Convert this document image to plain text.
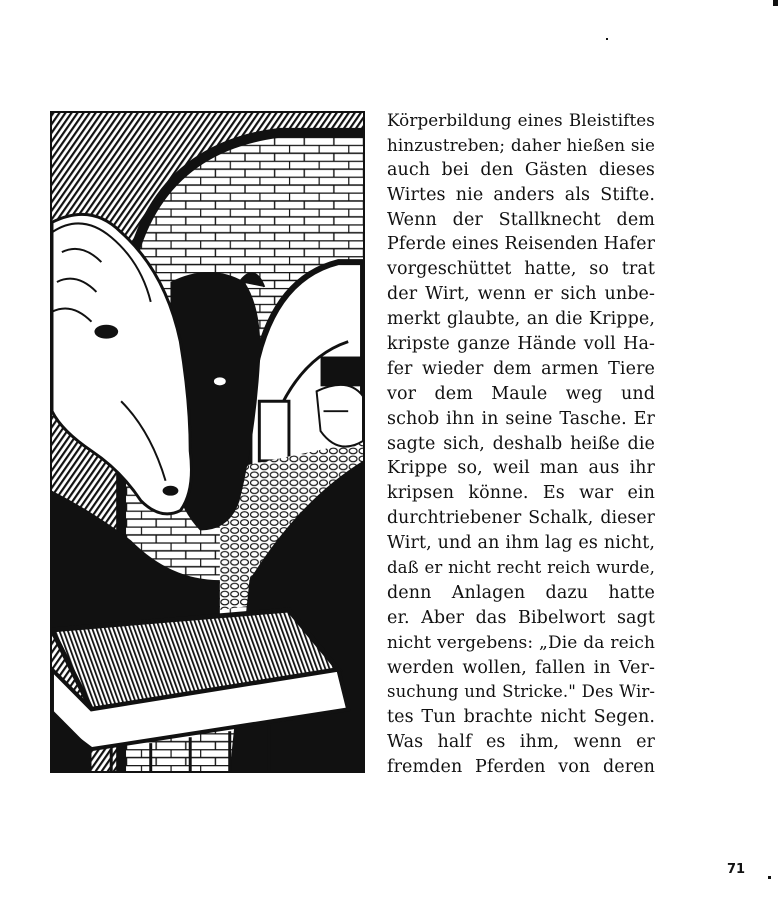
Körperbildung eines Bleistiftes
hinzustreben; daher hießen sie
auch bei den Gästen dieses
Wirtes nie anders als Stifte.
Wenn der Stallknecht dem
Pferde eines Reisenden Hafer
vorgeschüttet hatte, so trat
der Wirt, wenn er sich unbe-
merkt glaubte, an die Krippe,
kripste ganze Hände voll Ha-
fer wieder dem armen Tiere
vor dem Maule weg und
schob ihn in seine Tasche. Er
sagte sich, deshalb heiße die
Krippe so, weil man aus ihr
kripsen könne. Es war ein
durchtriebener Schalk, dieser
Wirt, und an ihm lag es nicht,
daß er nicht recht reich wurde,
denn Anlagen dazu hatte
er. Aber das Bibelwort sagt
nicht vergebens: „Die da reich
werden wollen, fallen in Ver-
suchung und Stricke." Des Wir-
tes Tun brachte nicht Segen.
Was half es ihm, wenn er
fremden Pferden von deren
71
